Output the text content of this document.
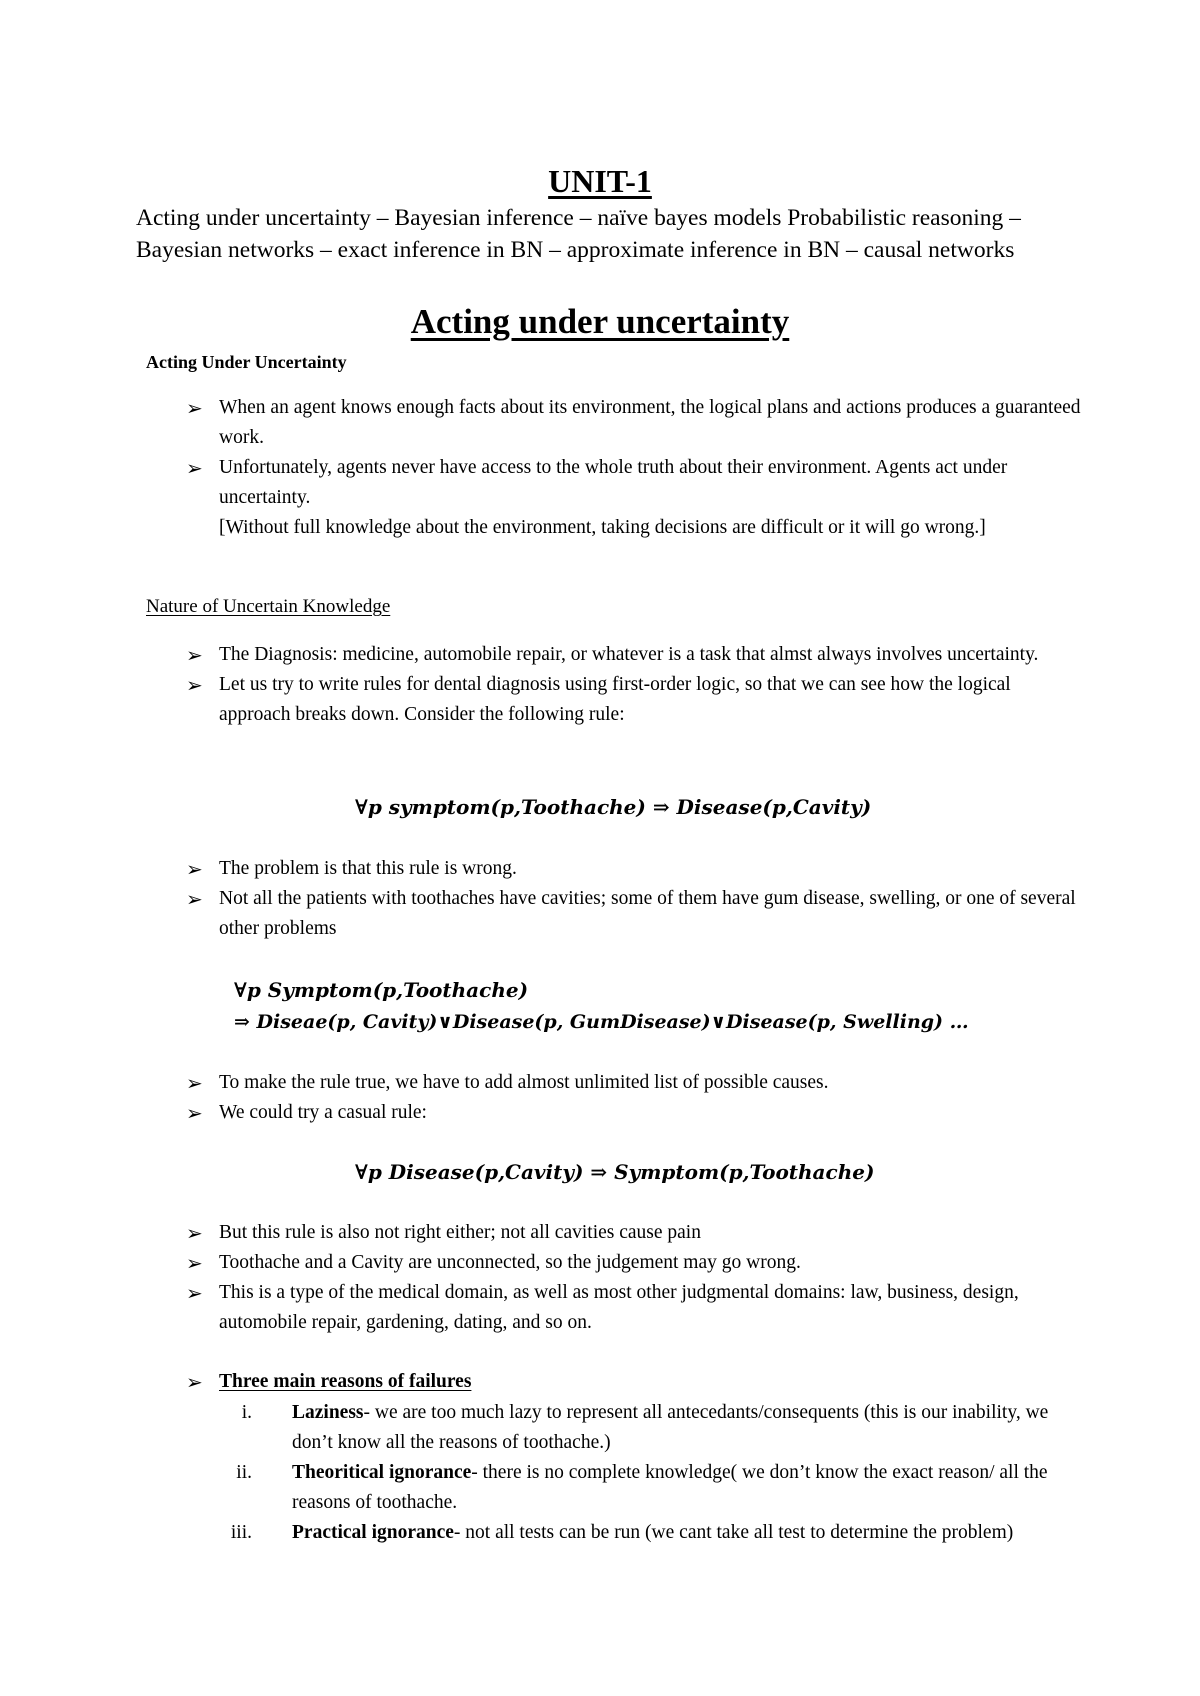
UNIT-1
Acting under uncertainty – Bayesian inference – naïve bayes models Probabilistic reasoning – Bayesian networks – exact inference in BN – approximate inference in BN – causal networks
Acting under uncertainty
Acting Under Uncertainty
➢ When an agent knows enough facts about its environment, the logical plans and actions produces a guaranteed work.

➢ Unfortunately, agents never have access to the whole truth about their environment. Agents act under uncertainty.

[Without full knowledge about the environment, taking decisions are difficult or it will go wrong.]

Nature of Uncertain Knowledge
➢ The Diagnosis: medicine, automobile repair, or whatever is a task that almst always involves uncertainty.

➢ Let us try to write rules for dental diagnosis using first-order logic, so that we can see how the logical approach breaks down. Consider the following rule:

∀p symptom(p,Toothache) ⇒ Disease(p,Cavity)
➢ The problem is that this rule is wrong.

➢ Not all the patients with toothaches have cavities; some of them have gum disease, swelling, or one of several other problems

∀p Symptom(p,Toothache)
⇒ Diseae(p, Cavity)∨Disease(p, GumDisease)∨Disease(p, Swelling) …
➢ To make the rule true, we have to add almost unlimited list of possible causes.

➢ We could try a casual rule:

∀p Disease(p,Cavity) ⇒ Symptom(p,Toothache)
➢ But this rule is also not right either; not all cavities cause pain

➢ Toothache and a Cavity are unconnected, so the judgement may go wrong.

➢ This is a type of the medical domain, as well as most other judgmental domains: law, business, design, automobile repair, gardening, dating, and so on.

➢ Three main reasons of failures

i. Laziness- we are too much lazy to represent all antecedants/consequents (this is our inability, we don’t know all the reasons of toothache.)
ii. Theoritical ignorance- there is no complete knowledge( we don’t know the exact reason/ all the reasons of toothache.
iii. Practical ignorance- not all tests can be run (we cant take all test to determine the problem)
